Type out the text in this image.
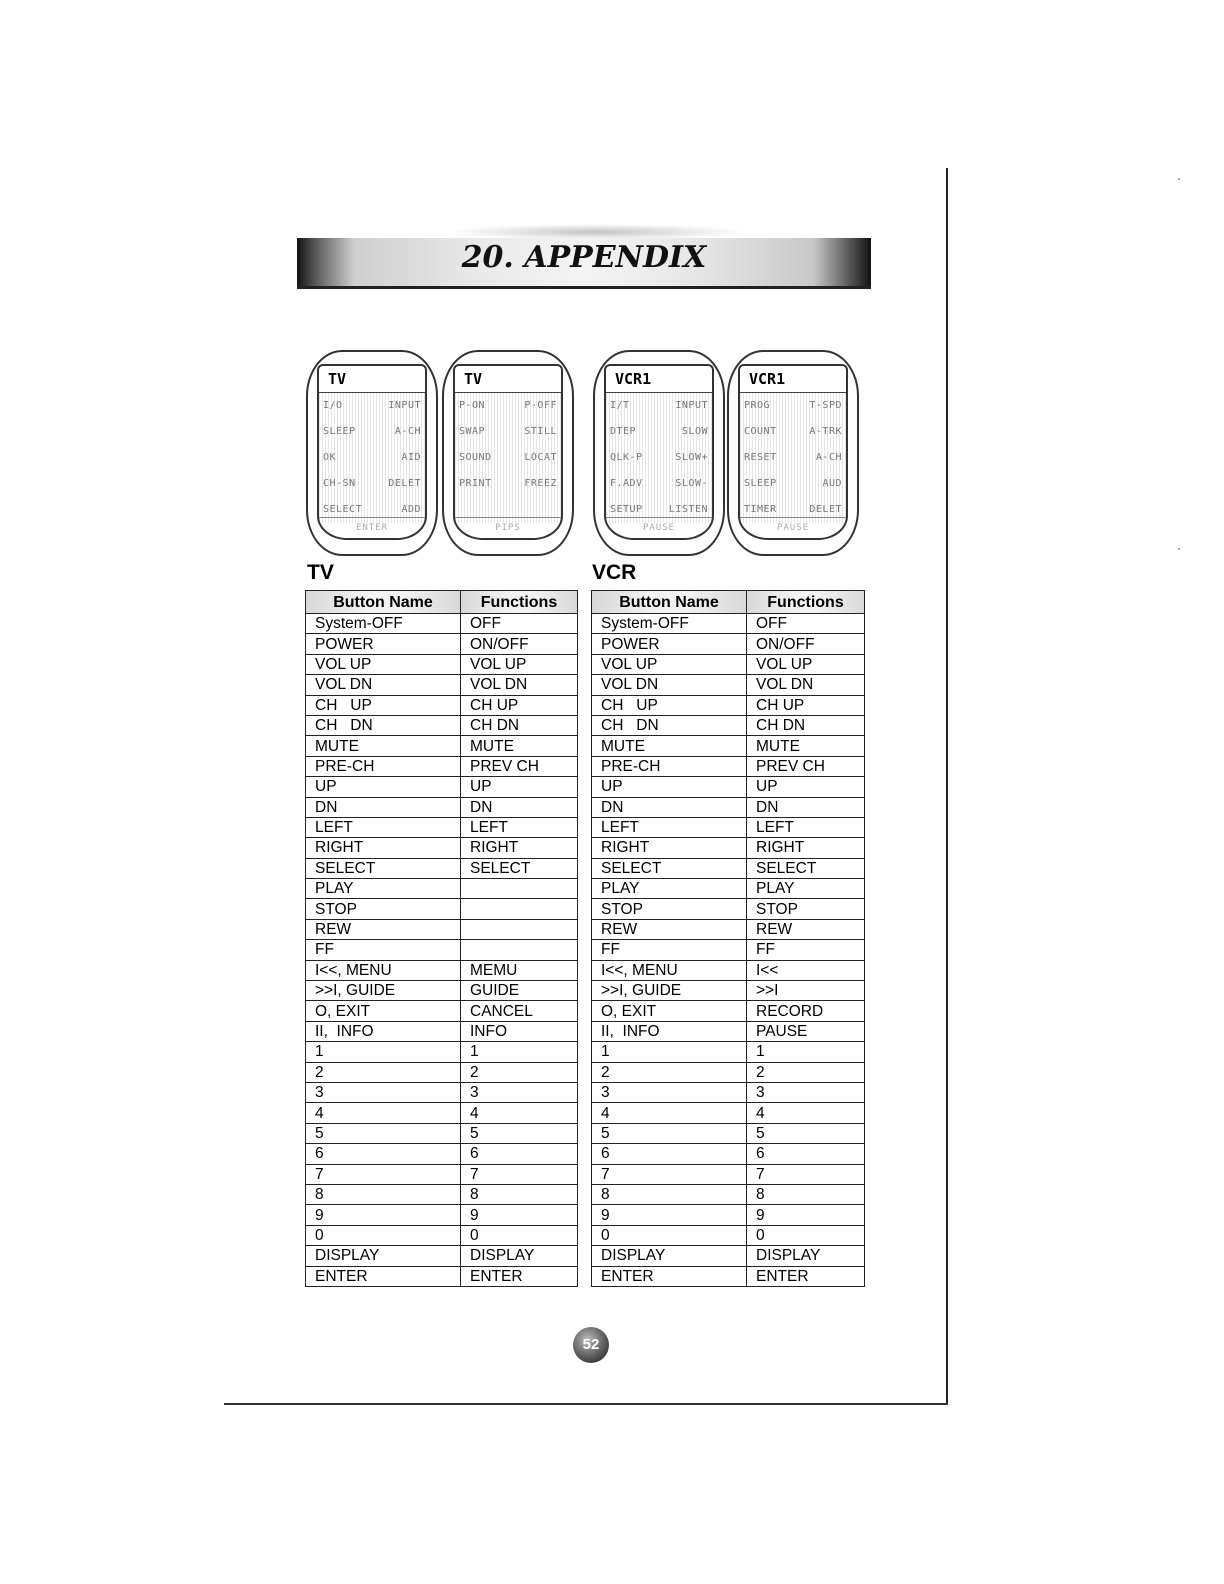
20. APPENDIX
TV
I/O	INPUT
SLEEP	A-CH
OK	AID
CH-SN	DELET
SELECT	ADD
ENTER
TV
P-ON	P-OFF
SWAP	STILL
SOUND	LOCAT
PRINT	FREEZ
PIPS
VCR1
I/T	INPUT
DTEP	SLOW
QLK-P	SLOW+
F.ADV	SLOW-
SETUP	LISTEN
PAUSE
VCR1
PROG	T-SPD
COUNT	A-TRK
RESET	A-CH
SLEEP	AUD
TIMER	DELET
PAUSE
TV	VCR
Button Name	Functions
System-OFF	OFF
POWER	ON/OFF
VOL UP	VOL UP
VOL DN	VOL DN
CH   UP	CH UP
CH   DN	CH DN
MUTE	MUTE
PRE-CH	PREV CH
UP	UP
DN	DN
LEFT	LEFT
RIGHT	RIGHT
SELECT	SELECT
PLAY	
STOP	
REW	
FF	
I<<, MENU	MEMU
>>I, GUIDE	GUIDE
O, EXIT	CANCEL
II,  INFO	INFO
1	1
2	2
3	3
4	4
5	5
6	6
7	7
8	8
9	9
0	0
DISPLAY	DISPLAY
ENTER	ENTER
Button Name	Functions
System-OFF	OFF
POWER	ON/OFF
VOL UP	VOL UP
VOL DN	VOL DN
CH   UP	CH UP
CH   DN	CH DN
MUTE	MUTE
PRE-CH	PREV CH
UP	UP
DN	DN
LEFT	LEFT
RIGHT	RIGHT
SELECT	SELECT
PLAY	PLAY
STOP	STOP
REW	REW
FF	FF
I<<, MENU	I<<
>>I, GUIDE	>>I
O, EXIT	RECORD
II,  INFO	PAUSE
1	1
2	2
3	3
4	4
5	5
6	6
7	7
8	8
9	9
0	0
DISPLAY	DISPLAY
ENTER	ENTER
52
